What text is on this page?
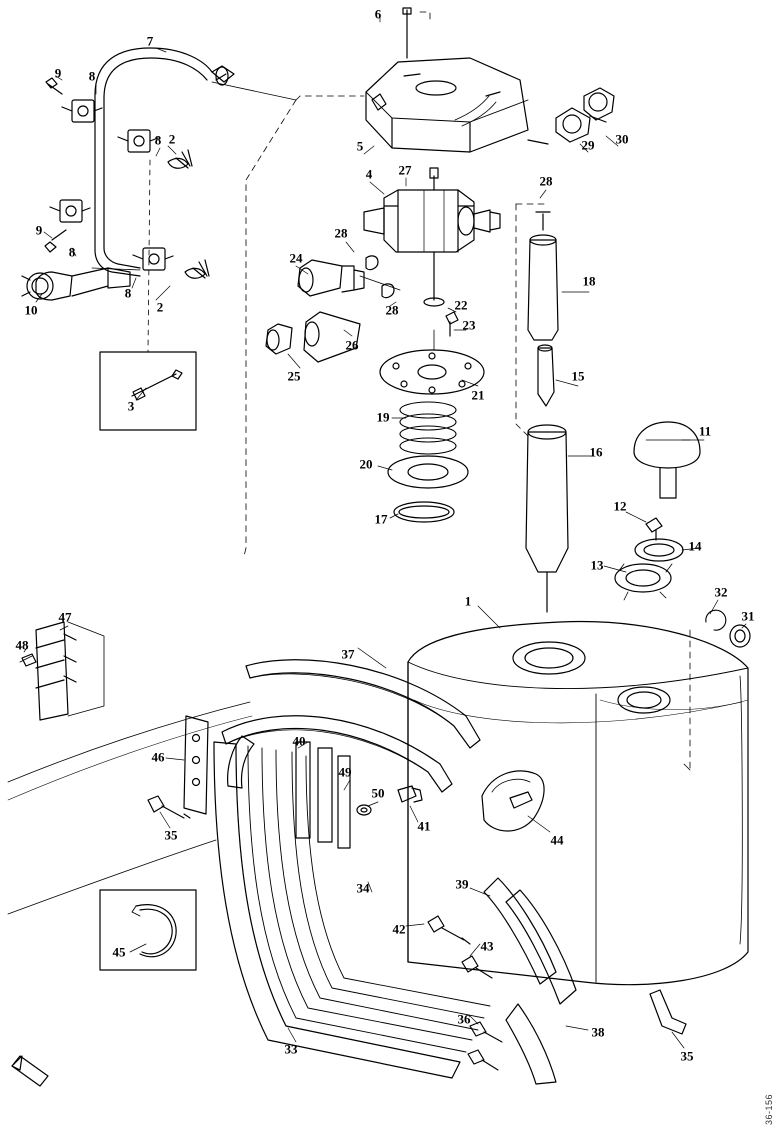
1
2
2
3
4
5
6
7
8
8
8
8
9
9
10
11
12
13
14
15
16
17
18
19
20
21
22
23
24
25
26
27
28
28
28
29 30
31
32
33
34
35
35
36
37
38
39
40
41
42
43
44
45
46
47
48
49
50
36-156
